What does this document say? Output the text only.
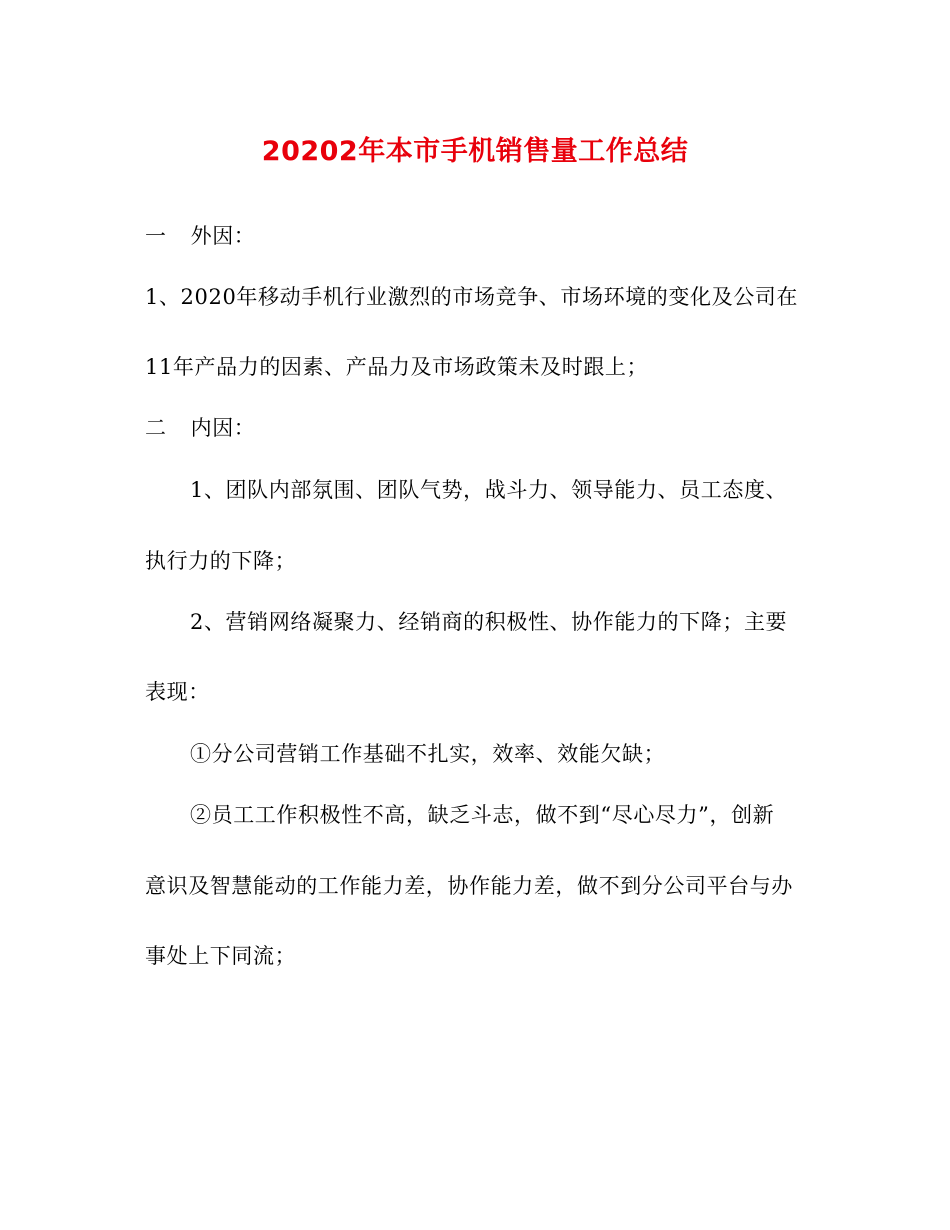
20202年本市手机销售量工作总结
一 外因：
1、2020年移动手机行业激烈的市场竞争、市场环境的变化及公司在
11年产品力的因素、产品力及市场政策未及时跟上；
二 内因：
1、团队内部氛围、团队气势，战斗力、领导能力、员工态度、
执行力的下降；
2、营销网络凝聚力、经销商的积极性、协作能力的下降；主要
表现：
①分公司营销工作基础不扎实，效率、效能欠缺；
②员工工作积极性不高，缺乏斗志，做不到“尽心尽力”，创新
意识及智慧能动的工作能力差，协作能力差，做不到分公司平台与办
事处上下同流；
